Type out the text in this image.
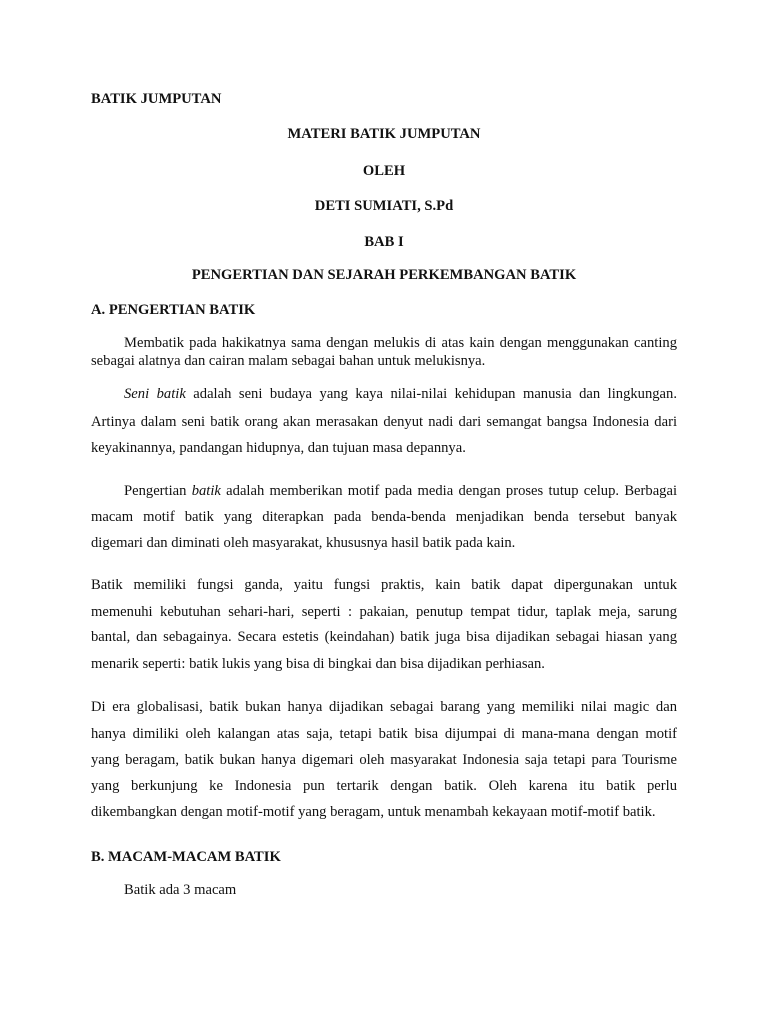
BATIK JUMPUTAN
MATERI BATIK JUMPUTAN
OLEH
DETI SUMIATI, S.Pd
BAB I
PENGERTIAN DAN SEJARAH PERKEMBANGAN BATIK
A. PENGERTIAN BATIK
Membatik pada hakikatnya sama dengan melukis di atas kain dengan menggunakan canting
sebagai alatnya dan cairan malam sebagai bahan untuk melukisnya.
Seni batik adalah seni budaya yang kaya nilai-nilai kehidupan manusia dan lingkungan.
Artinya dalam seni batik orang akan merasakan denyut nadi dari semangat bangsa Indonesia dari
keyakinannya, pandangan hidupnya, dan tujuan masa depannya.
Pengertian batik adalah memberikan motif pada media dengan proses tutup celup. Berbagai
macam motif batik yang diterapkan pada benda-benda menjadikan benda tersebut banyak
digemari dan diminati oleh masyarakat, khususnya hasil batik pada kain.
Batik memiliki fungsi ganda, yaitu fungsi praktis, kain batik dapat dipergunakan untuk
memenuhi kebutuhan sehari-hari, seperti : pakaian, penutup tempat tidur, taplak meja, sarung
bantal, dan sebagainya. Secara estetis (keindahan) batik juga bisa dijadikan sebagai hiasan yang
menarik seperti: batik lukis yang bisa di bingkai dan bisa dijadikan perhiasan.
Di era globalisasi, batik bukan hanya dijadikan sebagai barang yang memiliki nilai magic dan
hanya dimiliki oleh kalangan atas saja, tetapi batik bisa dijumpai di mana-mana dengan motif
yang beragam, batik bukan hanya digemari oleh masyarakat Indonesia saja tetapi para Tourisme
yang berkunjung ke Indonesia pun tertarik dengan batik. Oleh karena itu batik perlu
dikembangkan dengan motif-motif yang beragam, untuk menambah kekayaan motif-motif batik.
B. MACAM-MACAM BATIK
Batik ada 3 macam
